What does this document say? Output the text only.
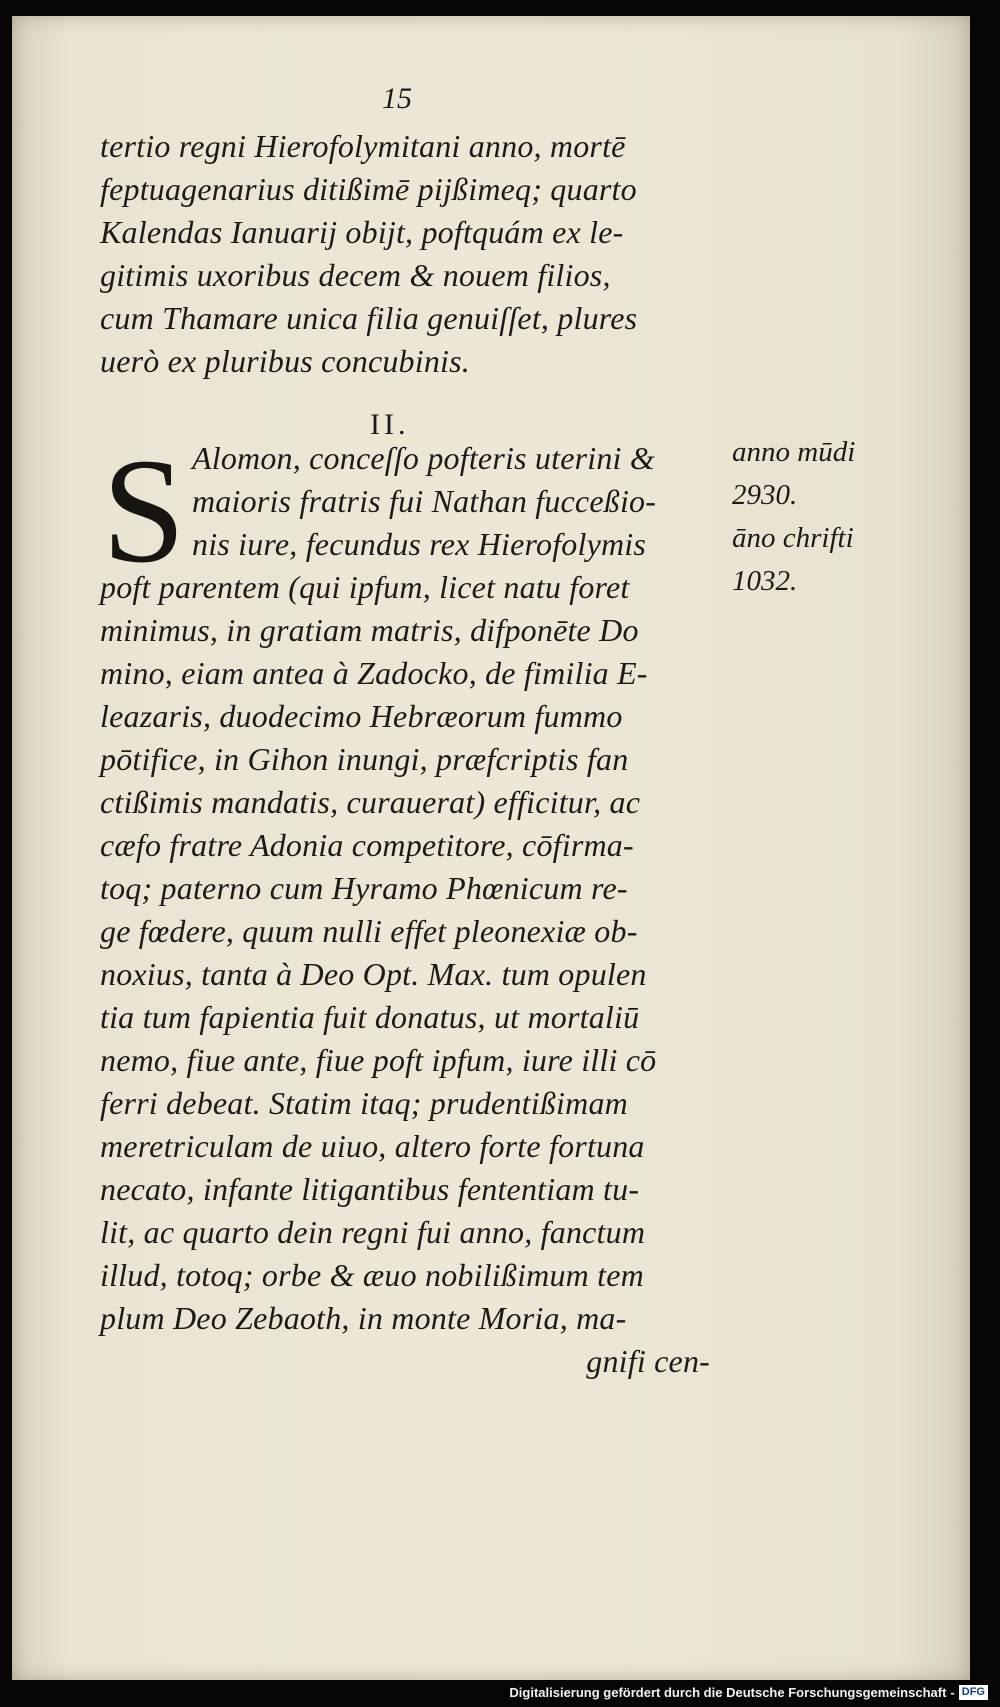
15
tertio regni Hierofolymitani anno, mortē
feptuagenarius ditißimē pijßimeq; quarto
Kalendas Ianuarij obijt, poftquám ex le-
gitimis uxoribus decem & nouem filios,
cum Thamare unica filia genuiſſet, plures
uerò ex pluribus concubinis.
II.
S Alomon, conceſſo pofteris uterini &
maioris fratris fui Nathan fucceßio-
nis iure, fecundus rex Hierofolymis
poft parentem (qui ipfum, licet natu foret
minimus, in gratiam matris, difponēte Do
mino, eiam antea à Zadocko, de fimilia E-
leazaris, duodecimo Hebræorum fummo
pōtifice, in Gihon inungi, præfcriptis fan
ctißimis mandatis, curauerat) efficitur, ac
cæfo fratre Adonia competitore, cōfirma-
toq; paterno cum Hyramo Phœnicum re-
ge fœdere, quum nulli effet pleonexiæ ob-
noxius, tanta à Deo Opt. Max. tum opulen
tia tum fapientia fuit donatus, ut mortaliū
nemo, fiue ante, fiue poft ipfum, iure illi cō
ferri debeat. Statim itaq; prudentißimam
meretriculam de uiuo, altero forte fortuna
necato, infante litigantibus fententiam tu-
lit, ac quarto dein regni fui anno, fanctum
illud, totoq; orbe & æuo nobilißimum tem
plum Deo Zebaoth, in monte Moria, ma-
gnifi cen-
anno mūdi
2930.
āno chrifti
1032.
Digitalisierung gefördert durch die Deutsche Forschungsgemeinschaft - DFG
